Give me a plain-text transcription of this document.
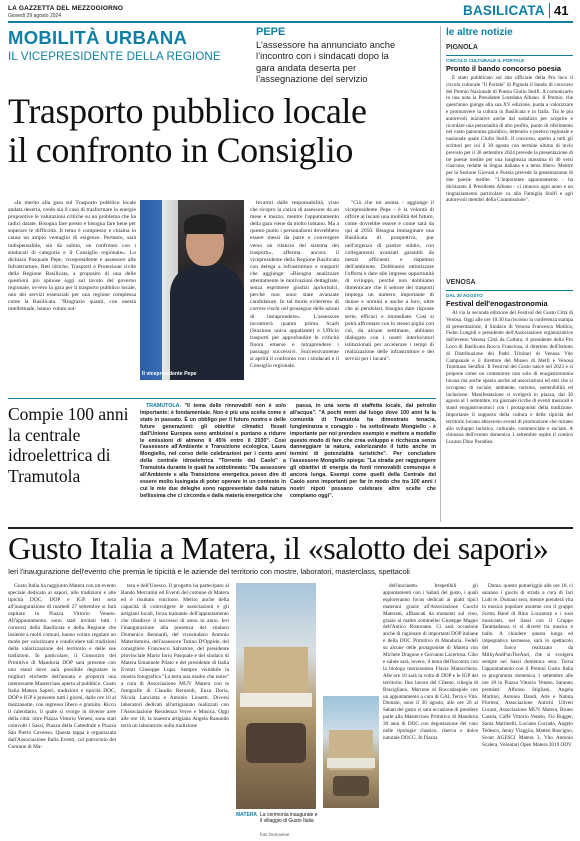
LA GAZZETTA DEL MEZZOGIORNO
Giovedì 29 agosto 2024	BASILICATA 41
MOBILITÀ URBANA
IL VICEPRESIDENTE DELLA REGIONE
PEPE
L’assessore ha annunciato anche l’incontro con i sindacati dopo la gara andata deserta per l’assegnazione del servizio
Trasporto pubblico locale
il confronto in Consiglio

«In merito alla gara sul Trasporto pubblico locale andata deserta, credo sia il caso di trasformare in energie propositive le valutazioni critiche su un problema che ha radici datate. Bisogna fare presto e bisogna fare bene per superare le difficoltà. Il tema è complesso e chiama in causa un ampio ventaglio di esigenze. Pertanto, sarà indispensabile, sin da subito, un confronto con i sindacati di categoria e il Consiglio regionale». Lo dichiara Pasquale Pepe, vicepresidente e assessore alle Infrastrutture, Reti idriche, Trasporti e Protezione civile della Regione Basilicata, a proposito di una delle questioni più spinose oggi sul tavolo del governo regionale, ovvero la gara per il trasporto pubblico locale, uno dei servizi essenziali per una regione complessa come la Basilicata. "Ringrazio quanti, con onestà intellettuale, hanno voluto sol-

Il vicepresidente Pepe

levarmi dalle responsabilità, visto che ricopro la carica di assessore da un mese e mezzo, mentre l'appuntamento della gara viene da molto lontano. Ma a questo punto i personalismi dovrebbero essere messi da parte e convergere verso un rilancio del sistema dei trasporti», afferma ancora il vicepresidente della Regione Basilicata con delega a infrastrutture e trasporti che aggiunge: «Bisogna analizzare attentamente le motivazioni dettagliate, senza esprimere giudizi aprioristici, perché non sono state avanzate candidature. In tal modo eviteremo di correre rischi nel prosieguo delle azioni di intraprendere». L'assessore incontrerà quanto prima Scarb (Stazione unica appaltante) e Ufficio trasporti per approfondire le criticità finora emerse e intraprendere i passaggi successivi. Successivamente si aprirà il confronto con i sindacati e il Consiglio regionale.

"Ciò che mi anima - aggiunge il vicepresidente Pepe - è la volontà di offrire ai lucani una mobilità del futuro, come dovrebbe essere e come sarà da qui al 2050. Bisogna immaginare una Basilicata di prospettiva, pur nell'urgenza di partire subito, con collegamenti avanzati garantiti da mezzi efficienti e rispettosi dell'ambiente. Dobbiamo ottimizzare l'offerta e dare alle imprese opportunità di sviluppo, perché non dobbiamo dimenticare che il settore dei trasporti impiega un numero importante di donne e uomini e anche a loro, oltre che ai pendolari, bisogna dare risposte serie, efficaci e immediate. Così si potrà affrontare con lo stesso piglio con cui, da alcune settimane, abbiamo dialogato con i nostri interlocutori istituzionali per accelerare i tempi di realizzazione delle infrastrutture e dei servizi per i lucani".

Compie 100 anni la centrale idroelettrica di Tramutola

TRAMUTOLA. "Il tema delle rinnovabili non è solo importante: è fondamentale. Non è più una scelta come è stato in passato. È un obbligo per il futuro nostro e delle future generazioni: gli obiettivi climatici fissati dall'Unione Europea sono ambiziosi e puntano a ridurre le emissioni di almeno il 45% entro il 2030". Così l'assessore all'Ambiente e Transizione ecologica, Laura Mongiello, nel corso delle celebrazioni per i cento anni della centrale idroelettrica "Torrente del Caolo" a Tramutola durante le quali ha sottolineato: "Da assessore all'Ambiente e alla Transizione energetica posso dire di essere molto lusingata di poter operare in un contesto in cui le mie due deleghe sono rappresentate dalla natura bellissima che ci circonda e dalla materia energetica che

passa, in una sorta di staffetta locale, dal petrolio all'acqua". "A pochi metri dal luogo dove 100 anni fa la comunità di Tramutola ha dimostrato tenacia, lungimiranza e coraggio - ha sottolineato Mongiello - è importante per noi prendere esempio e mettere a modello questo modo di fare che crea sviluppo e ricchezza senza danneggiare la natura, valorizzando il tutto anche in termini di potenzialità turistiche". Per concludere l'assessore Mongiello spiega: "La strada per raggiungere gli obiettivi di energia da fonti rinnovabili comunque è ancora lunga. Esempi come quelli della Centrale del Caolo sono importanti per far in modo che tra 100 anni i nostri nipoti possano celebrare altre scelte che compiamo oggi".

le altre notizie
PIGNOLA
CIRCOLO CULTURALE IL PORTALE
Pronto il bando concorso poesia

È stato pubblicato sul sito ufficiale della Pro loco il circolo culturale "Il Portale" di Pignola il bando di concorso del Premio Nazionale di Poesia Giulio Stolfi. A comunicarlo in una nota la Presidente Loredana Albano. Il Premio, che quest'anno giunge alla sua XV edizione, punta a valorizzare e promuovere la cultura in Basilicata e in Italia. Tra le più autorevoli iniziative anche dal sodalizio per scoprire e ricordare una personalità di alto profilo, punto di riferimento nel vasto panorama giuridico, letterario e poetico regionale e nazionale quale Giulio Stolfi. Il concorso, aperto a tutti gli scrittori per cui il 30 agosto con termine ultimo di invio previsto per il 30 settembre 2024 prevede la presentazione di tre poesie inedite per una lunghezza massima di 40 versi ciascuna, redatte in lingua italiana e a tema libero. Mentre per la Sezione Giovani e Poesia prevede la presentazione di due poesie inedite. "L'importante appuntamento - ha dichiarato il Presidente Albano - ci rinnova ogni anno e un ringraziamento particolare va alla Famiglia Stolfi e agli autorevoli membri della Commissione".

VENOSA
DAL 30 AGOSTO
Festival dell'enogastronomia

Al via la seconda edizione del Festival del Gusto Città di Venosa. Oggi alle ore 10.30 ha riscosso la conferenza stampa di presentazione, il Sindaco di Venosa Francesco Mollica, Fedor Lungidi e presidente dell'Associazione organizzatrice dell'evento Venosa Città da Cultura, il presidente della Pro Loco di Basilicata Rocco Franciosa, il direttore dell'Istituto di Distribuzione dei Padri Trinitari di Venosa Vito Campanale e il direttore del Museo di Melfi e Venosa Tommaso Serafini. Il Festival del Gusto nasce nel 2023 e si propone come un contenitore non solo di enogastronomia lucana ma anche spazio anche ad associazioni ed enti che si occupano di sociale, ambiente, turismo, sostenibilità ed inclusione. Manifestazione si svolgerà in piazza, dal 30 agosto al 1 settembre, tra giornate ricche di eventi musicali e stand enogastronomici con i protagonisti della tradizione. Importante il supporto della cultura e delle tipicità del territorio lucano attraverso eventi di promozione che mirano allo sviluppo turistico, culturale, commerciale e sociale. A chiusura dell'evento domenica 1 settembre ospite il comico Lucano Dino Paradiso.

Gusto Italia a Matera, il «salotto dei sapori»
Ieri l'inaugurazione dell'evento che premia le tipicità e le aziende del territorio con mostre, laboratori, masterclass, spettacoli

Gusto Italia ha raggiunto Matera con un evento speciale dedicato ai sapori, alle tradizioni e alle tipicità DOC, DOP e IGP. Ieri sera all'inaugurazione di martedì 27 settembre si farà ospitare in Piazza Vittorio Veneto. All'appuntamento sono stati invitati tutti i consorzi della Basilicata e della Regione che insieme a molti comuni, hanno voluto regalare un modo per valorizzare e condividere tali tradizioni della valorizzazione del territorio e delle sue tradizioni. In particolare, il Consorzio del Primitivo di Manduria DOP sarà presente con uno stand dove sarà possibile degustare le migliori etichette dell'annata e proporrà una interessante Masterclass aperta al pubblico. Gusto Italia Matera Sapori, tradizioni e tipicità DOC, DOP e IGP è presente tutti i giorni, dalle ore 10 al mezzanotte, con ingresso libero e gratuito. Ricco il calendario, il quale si svolge in diverse aree della città: oltre Piazza Vittorio Veneto, sono stati coinvolti i Sassi, Piazza della Cattedrale e Piazza San Pietro Caveoso. Questa tappa è organizzata dall'Associazione Italia Eventi, col patrocinio del Comune di Ma-

tera e dell'Unesco. Il progetto ha partecipato al Bando Mercatini ed Eventi del comune di Matera ed è risultato vincitore. Merito anche della capacità di coinvolgere le associazioni e gli artigiani locali, forza trainante dell'appuntamento che ribadisce il successo di anno in anno. Ieri l'inaugurazione alla presenza del sindaco Domenico Bennardi, del vicesindaco Antonio Materdomini, dell'assessore Tutino D'Oppido, del consigliere Francesco Salvatore, del presidente provinciale Mario Iorio Pasquale e del sindaco di Matera Emanuele Pilato e del presidente di Italia Eventi Giuseppe Lupo. Sempre visitabile la mostra fotografica "La terra una madre che nutre" a cura di Associazione MUV Matera con le fotografie di Claudia Bernardi, Enza Doria, Nicola Lanciotta e Antonio Liosetti. Diversi laboratori dedicati all'artigianato realizzati con l'Associazione Residenza Verve e Musica. Oggi alle ore 18, la maestra artigiana Angela Ranundo terrà un laboratorio sulla tradizione

MATERA La cerimonia inaugurale e il villaggio di Gusto Italia
foto Genovese

dell'uncinetto. Irrepetibili gli appuntamenti con i Sabati del gusto, i quali esploreranno focus dedicati ai piatti tipici materani grazie all'Associazione Cuochi Materani, affiancati da momenti sul vino, grazie al maître sommelier Giuseppe Magno dell'Antico Ristorante. Ci sarà occasione anche di ragionare di importanti DOP italiane e della DOC Primitivo di Manduria. Fedeli su alcune delle protagoniste di Matera con Michele Dragone e Giovanni Lacertosa. Cibo e salute sarà, invece, il tema dell'incontro con la biologa nutrizionista Flavia Matacchiera. Alle ore 10 sarà la volta di DOP e le IGP del territorio: fino lavoro del Cilento, ciliegia di Bracigliano, Marrone di Roccadaspide con un appuntamento a cura di GAL Terra e Vita. Domani, sono il 30 agosto, alle ore 20 ai Sabati del gusto ci sarà occasione di prendere parte alla Masterclass Primitivo di Manduria 30 anni di DOC con degustazione del vino nelle tipologie classico, riserva e dolce naturale DOCG. In Piazza

Duma, questo pomeriggio alle ore 18, ci saranno i giochi di strada a cura di Jari Ludi re. Domani sera, mentre prenderà vita la musica popolare assieme con il gruppo Scetta Band di Rino Locantore e i suoi musicanti, nei Sassi con il Gruppo Tarantadanza ci si diverte tra musica e ballo. A chiudere questa lunga ed impegnativa kermesse, sarà lo spettacolo del fuoco realizzato da MilkyAndFunTheAnd, che si svolgerà sempre nei Sassi domenica sera. Torna l'appuntamento con il Premio Gusto Italia in programma domenica 1 settembre alle ore 18 in Piazza Vittorio Veneto. Saranno premiati: Alfonso Stigliani, Angela Martino, Antonio Dandi, Arte e Natura Florient, Associazione Antichi Uliveti Lucani, Associazione MUV Matera, Bruno Casola, Caffè Vittorio Veneto, Fia Rugger, Santa Martinelli, Luciano Corrado, Angelo Tedesco, Jenny Viaggiia, Matteo Ruscigno, Scout AGESCI Matera 3, Vito Antonio Scalera, Volontari Open Matera 2019 ODV.
